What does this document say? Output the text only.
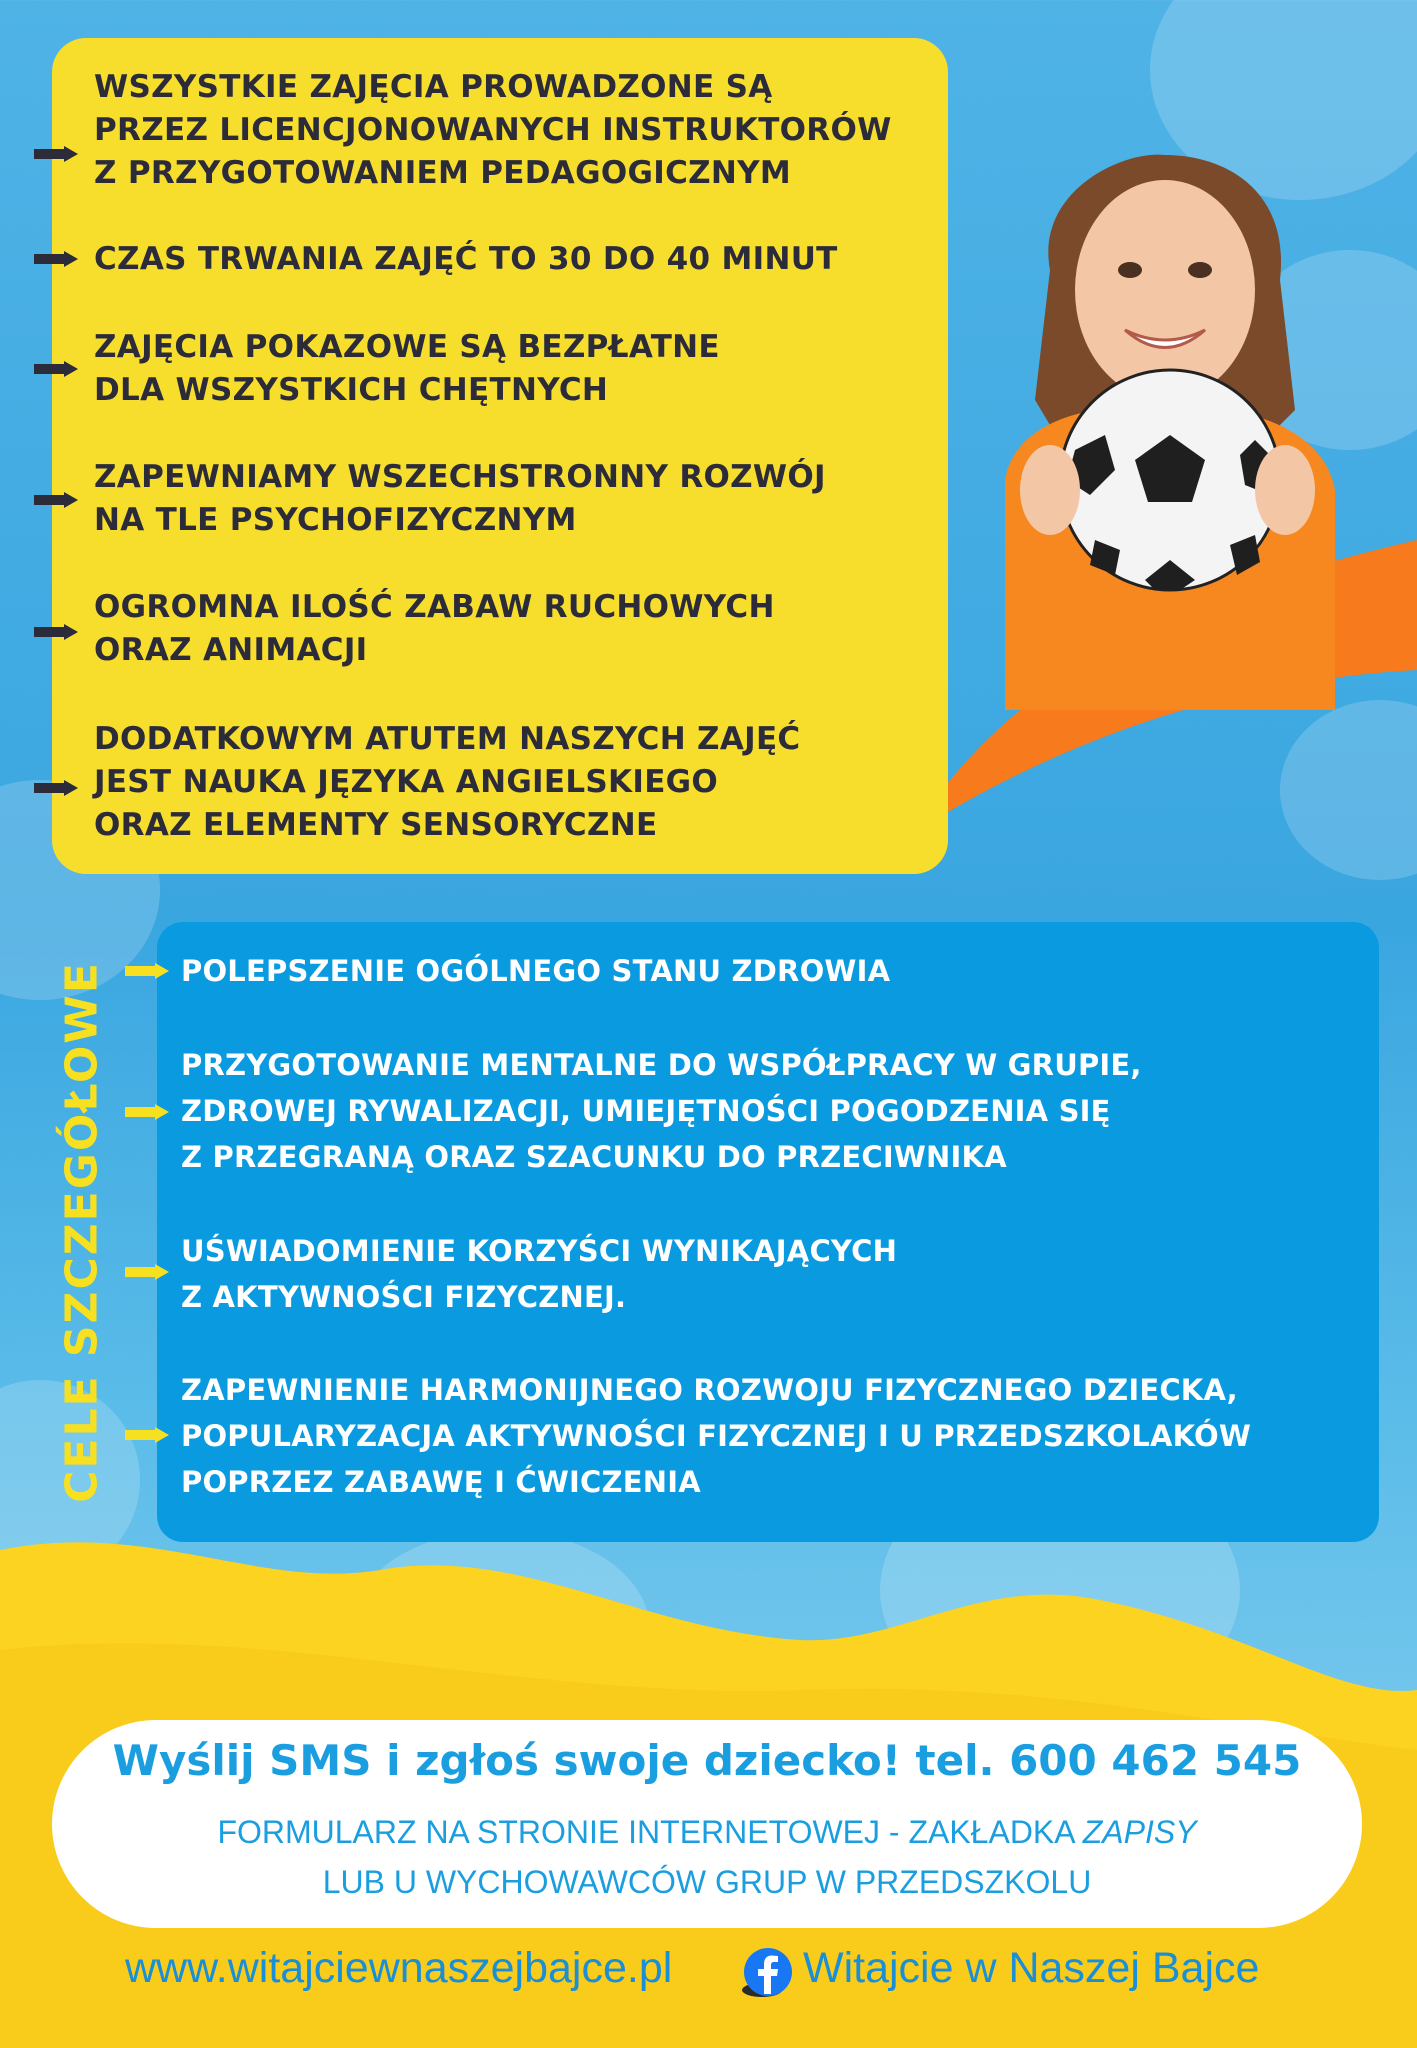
WSZYSTKIE ZAJĘCIA PROWADZONE SĄ
PRZEZ LICENCJONOWANYCH INSTRUKTORÓW
Z PRZYGOTOWANIEM PEDAGOGICZNYM
CZAS TRWANIA ZAJĘĆ TO 30 DO 40 MINUT
ZAJĘCIA POKAZOWE SĄ BEZPŁATNE
DLA WSZYSTKICH CHĘTNYCH
ZAPEWNIAMY WSZECHSTRONNY ROZWÓJ
NA TLE PSYCHOFIZYCZNYM
OGROMNA ILOŚĆ ZABAW RUCHOWYCH
ORAZ ANIMACJI
DODATKOWYM ATUTEM NASZYCH ZAJĘĆ
JEST NAUKA JĘZYKA ANGIELSKIEGO
ORAZ ELEMENTY SENSORYCZNE
CELE SZCZEGÓŁOWE	POLEPSZENIE OGÓLNEGO STANU ZDROWIA
PRZYGOTOWANIE MENTALNE DO WSPÓŁPRACY W GRUPIE,
ZDROWEJ RYWALIZACJI, UMIEJĘTNOŚCI POGODZENIA SIĘ
Z PRZEGRANĄ ORAZ SZACUNKU DO PRZECIWNIKA
UŚWIADOMIENIE KORZYŚCI WYNIKAJĄCYCH
Z AKTYWNOŚCI FIZYCZNEJ.
ZAPEWNIENIE HARMONIJNEGO ROZWOJU FIZYCZNEGO DZIECKA,
POPULARYZACJA AKTYWNOŚCI FIZYCZNEJ I U PRZEDSZKOLAKÓW
POPRZEZ ZABAWĘ I ĆWICZENIA
Wyślij SMS i zgłoś swoje dziecko! tel. 600 462 545
FORMULARZ NA STRONIE INTERNETOWEJ - ZAKŁADKA ZAPISY
LUB U WYCHOWAWCÓW GRUP W PRZEDSZKOLU
www.witajciewnaszejbajce.pl	Witajcie w Naszej Bajce
